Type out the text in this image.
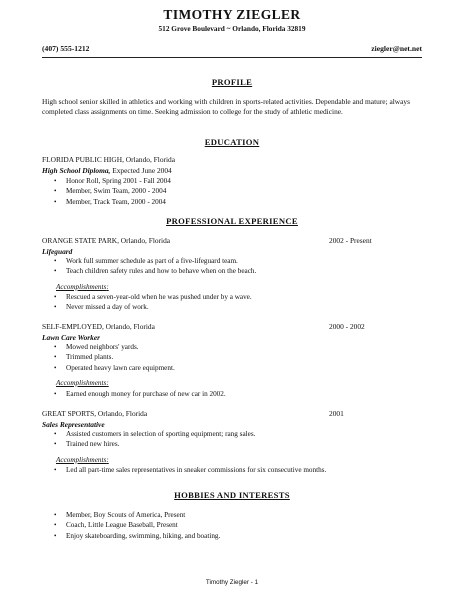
TIMOTHY ZIEGLER
512 Grove Boulevard ~ Orlando, Florida 32819
(407) 555-1212	ziegler@net.net
PROFILE
High school senior skilled in athletics and working with children in sports-related activities. Dependable and mature; always completed class assignments on time. Seeking admission to college for the study of athletic medicine.
EDUCATION
FLORIDA PUBLIC HIGH, Orlando, Florida
High School Diploma, Expected June 2004
• Honor Roll, Spring 2001 - Fall 2004
• Member, Swim Team, 2000 - 2004
• Member, Track Team, 2000 - 2004
PROFESSIONAL EXPERIENCE
ORANGE STATE PARK, Orlando, Florida	2002 - Present
Lifeguard
• Work full summer schedule as part of a five-lifeguard team.
• Teach children safety rules and how to behave when on the beach.
Accomplishments:
• Rescued a seven-year-old when he was pushed under by a wave.
• Never missed a day of work.
SELF-EMPLOYED, Orlando, Florida	2000 - 2002
Lawn Care Worker
• Mowed neighbors' yards.
• Trimmed plants.
• Operated heavy lawn care equipment.
Accomplishments:
• Earned enough money for purchase of new car in 2002.
GREAT SPORTS, Orlando, Florida	2001
Sales Representative
• Assisted customers in selection of sporting equipment; rang sales.
• Trained new hires.
Accomplishments:
• Led all part-time sales representatives in sneaker commissions for six consecutive months.
HOBBIES AND INTERESTS
• Member, Boy Scouts of America, Present
• Coach, Little League Baseball, Present
• Enjoy skateboarding, swimming, hiking, and boating.
Timothy Ziegler - 1
